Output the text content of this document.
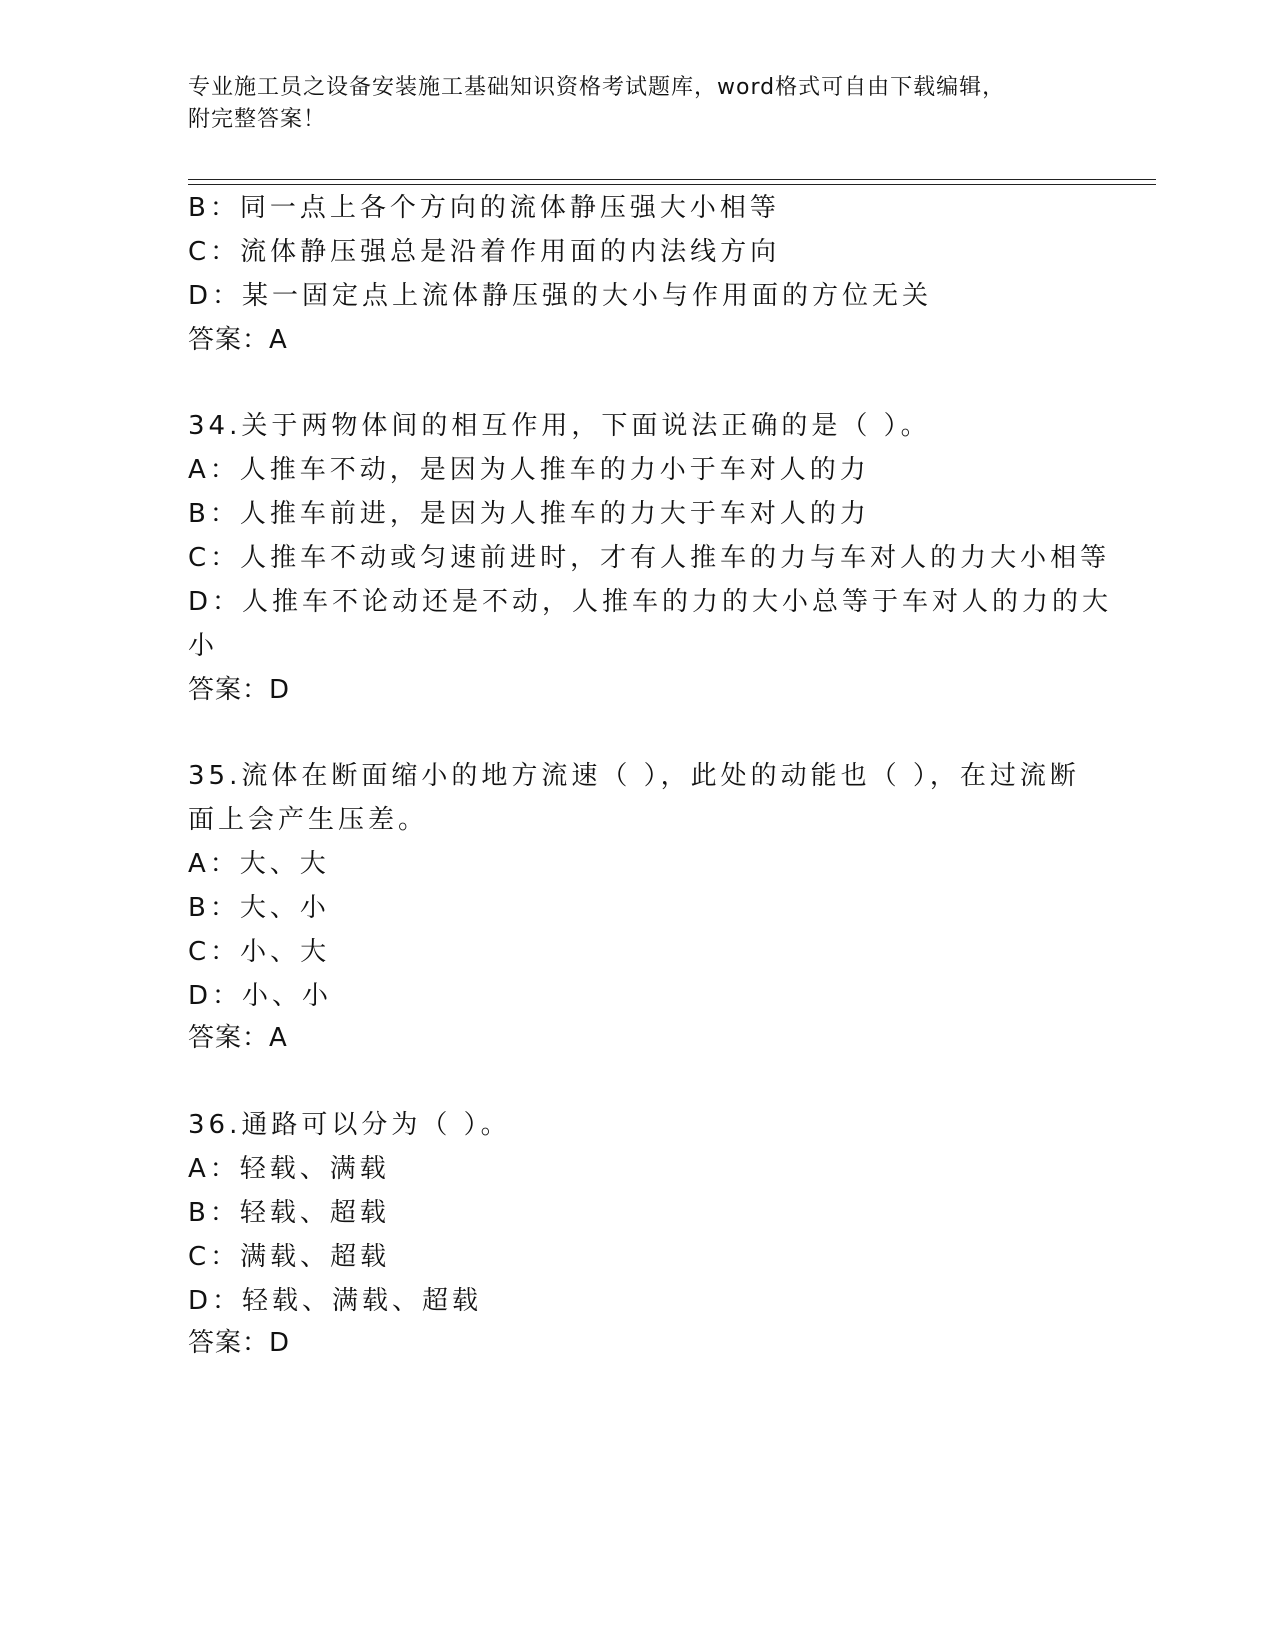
专业施工员之设备安装施工基础知识资格考试题库，word格式可自由下载编辑，
附完整答案！
B：同一点上各个方向的流体静压强大小相等
C：流体静压强总是沿着作用面的内法线方向
D：某一固定点上流体静压强的大小与作用面的方位无关
答案：A
34.关于两物体间的相互作用，下面说法正确的是（ ）。
A：人推车不动，是因为人推车的力小于车对人的力
B：人推车前进，是因为人推车的力大于车对人的力
C：人推车不动或匀速前进时，才有人推车的力与车对人的力大小相等
D：人推车不论动还是不动，人推车的力的大小总等于车对人的力的大
小
答案：D
35.流体在断面缩小的地方流速（ ），此处的动能也（ ），在过流断
面上会产生压差。
A：大、大
B：大、小
C：小、大
D：小、小
答案：A
36.通路可以分为（ ）。
A：轻载、满载
B：轻载、超载
C：满载、超载
D：轻载、满载、超载
答案：D
